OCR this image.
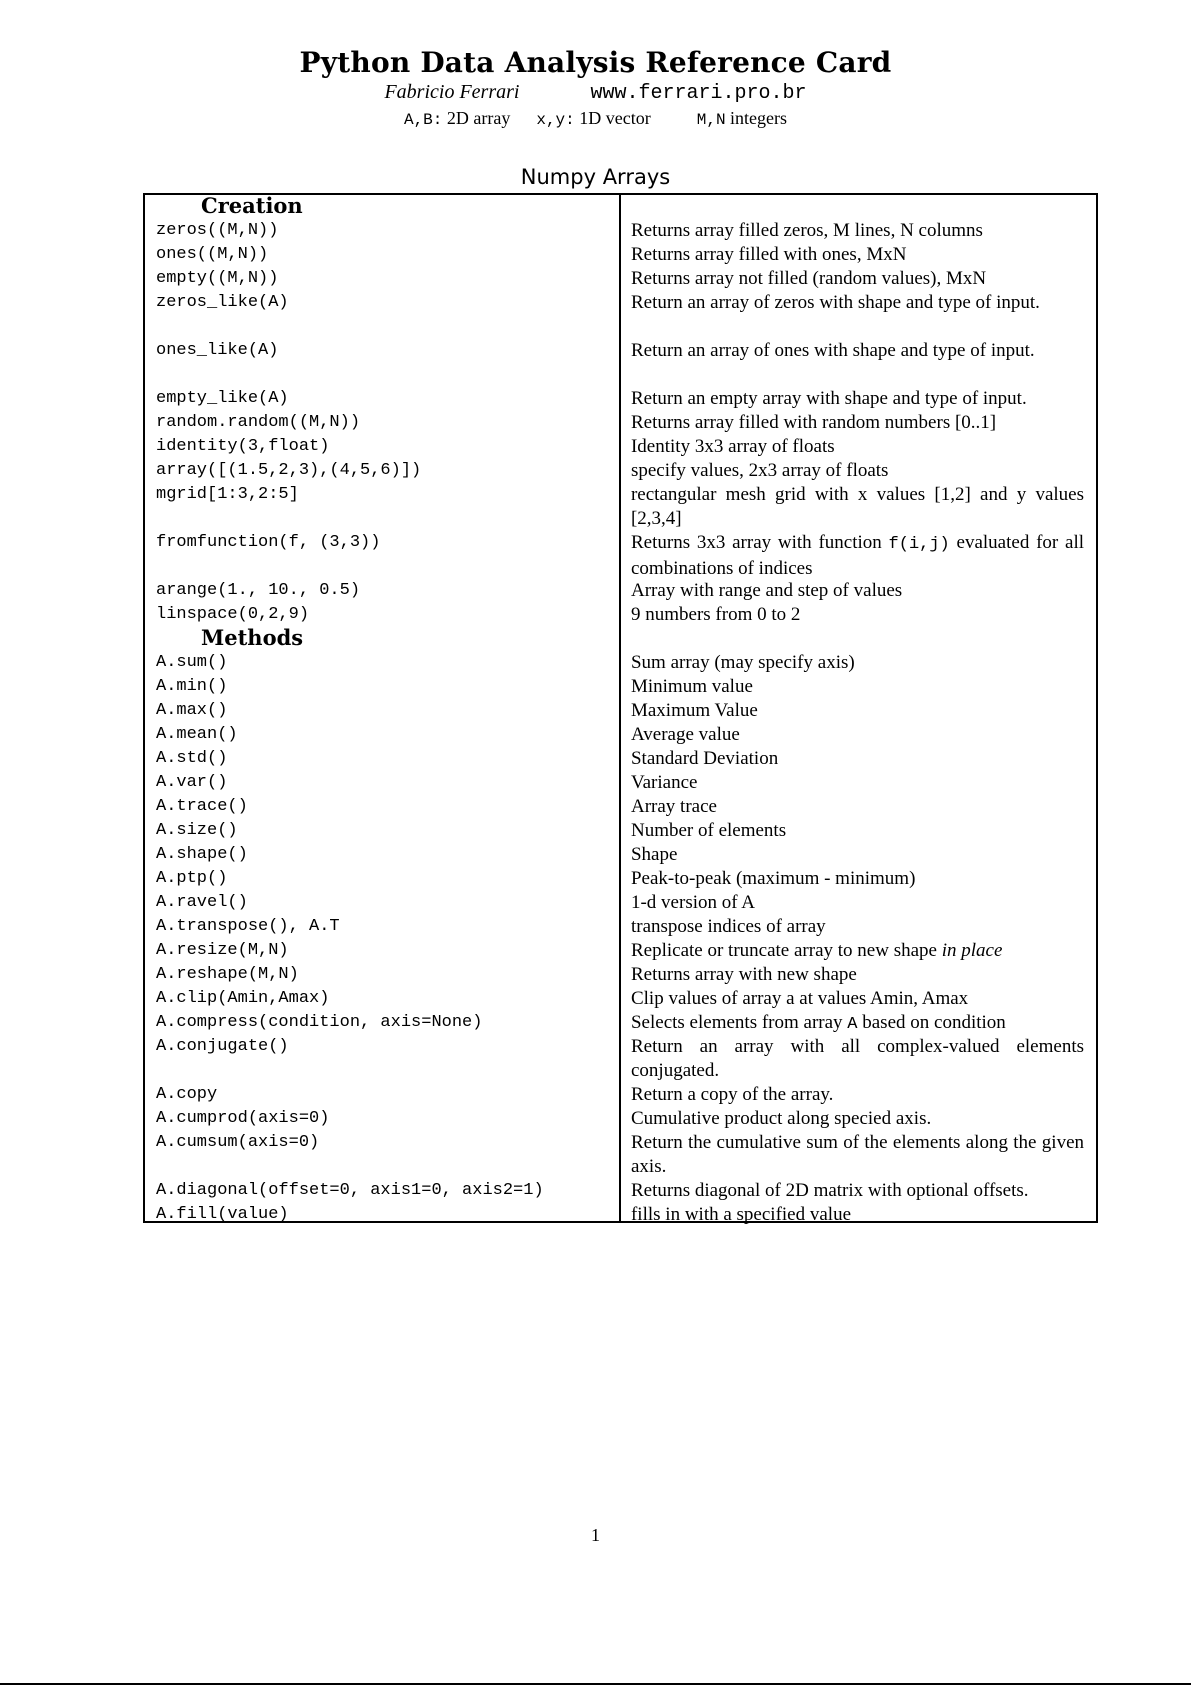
Python Data Analysis Reference Card
Fabricio Ferrari	www.ferrari.pro.br
A,B: 2D array x,y: 1D vector	M,N integers
Numpy Arrays
Creation
zeros((M,N))	Returns array filled zeros, M lines, N columns
ones((M,N))	Returns array filled with ones, MxN
empty((M,N))	Returns array not filled (random values), MxN
zeros_like(A)	Return an array of zeros with shape and type of input.
ones_like(A)	Return an array of ones with shape and type of input.
empty_like(A)	Return an empty array with shape and type of input.
random.random((M,N))	Returns array filled with random numbers [0..1]
identity(3,float)	Identity 3x3 array of floats
array([(1.5,2,3),(4,5,6)])	specify values, 2x3 array of floats
mgrid[1:3,2:5]	rectangular mesh grid with x values [1,2] and y values [2,3,4]
fromfunction(f, (3,3))	Returns 3x3 array with function f(i,j) evaluated for all combinations of indices
arange(1., 10., 0.5)	Array with range and step of values
linspace(0,2,9)	9 numbers from 0 to 2
Methods
A.sum()	Sum array (may specify axis)
A.min()	Minimum value
A.max()	Maximum Value
A.mean()	Average value
A.std()	Standard Deviation
A.var()	Variance
A.trace()	Array trace
A.size()	Number of elements
A.shape()	Shape
A.ptp()	Peak-to-peak (maximum - minimum)
A.ravel()	1-d version of A
A.transpose(), A.T	transpose indices of array
A.resize(M,N)	Replicate or truncate array to new shape in place
A.reshape(M,N)	Returns array with new shape
A.clip(Amin,Amax)	Clip values of array a at values Amin, Amax
A.compress(condition, axis=None)	Selects elements from array A based on condition
A.conjugate()	Return an array with all complex-valued elements conjugated.
A.copy	Return a copy of the array.
A.cumprod(axis=0)	Cumulative product along specied axis.
A.cumsum(axis=0)	Return the cumulative sum of the elements along the given axis.
A.diagonal(offset=0, axis1=0, axis2=1)	Returns diagonal of 2D matrix with optional offsets.
A.fill(value)	fills in with a specified value
1
